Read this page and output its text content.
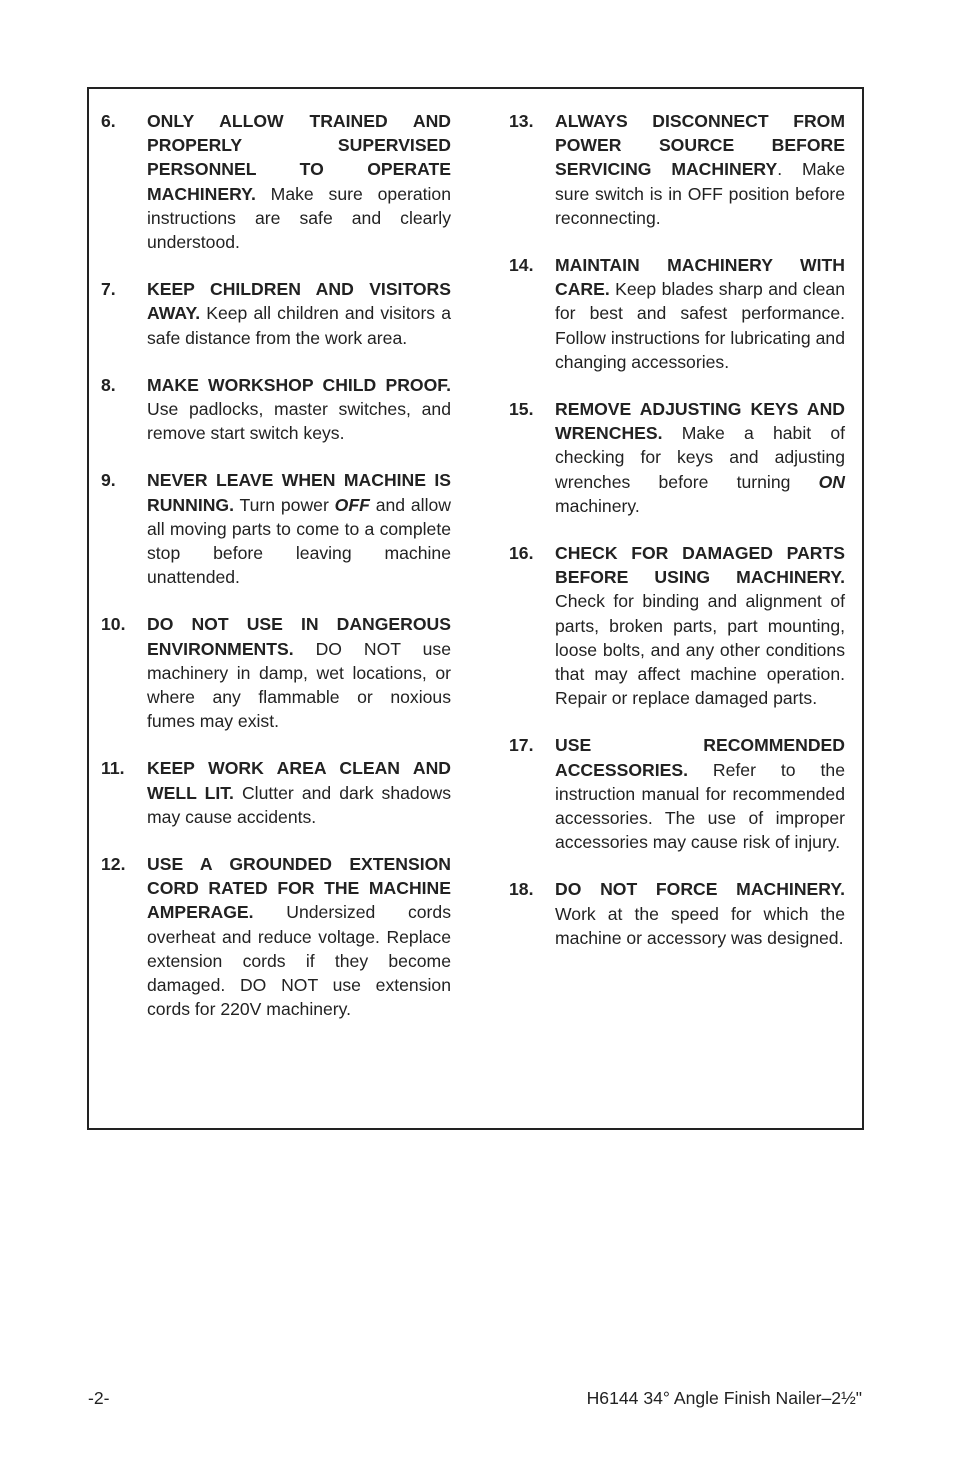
6. ONLY ALLOW TRAINED AND PROPERLY SUPERVISED PERSONNEL TO OPERATE MACHINERY. Make sure operation instructions are safe and clearly understood.
7. KEEP CHILDREN AND VISITORS AWAY. Keep all children and visitors a safe distance from the work area.
8. MAKE WORKSHOP CHILD PROOF. Use padlocks, master switches, and remove start switch keys.
9. NEVER LEAVE WHEN MACHINE IS RUNNING. Turn power OFF and allow all moving parts to come to a complete stop before leaving machine unattended.
10. DO NOT USE IN DANGEROUS ENVIRONMENTS. DO NOT use machinery in damp, wet locations, or where any flammable or noxious fumes may exist.
11. KEEP WORK AREA CLEAN AND WELL LIT. Clutter and dark shadows may cause accidents.
12. USE A GROUNDED EXTENSION CORD RATED FOR THE MACHINE AMPERAGE. Undersized cords overheat and reduce voltage. Replace extension cords if they become damaged. DO NOT use extension cords for 220V machinery.
13. ALWAYS DISCONNECT FROM POWER SOURCE BEFORE SERVICING MACHINERY. Make sure switch is in OFF position before reconnecting.
14. MAINTAIN MACHINERY WITH CARE. Keep blades sharp and clean for best and safest performance. Follow instructions for lubricating and changing accessories.
15. REMOVE ADJUSTING KEYS AND WRENCHES. Make a habit of checking for keys and adjusting wrenches before turning ON machinery.
16. CHECK FOR DAMAGED PARTS BEFORE USING MACHINERY. Check for binding and alignment of parts, broken parts, part mounting, loose bolts, and any other conditions that may affect machine operation. Repair or replace damaged parts.
17. USE RECOMMENDED ACCESSORIES. Refer to the instruction manual for recommended accessories. The use of improper accessories may cause risk of injury.
18. DO NOT FORCE MACHINERY. Work at the speed for which the machine or accessory was designed.
-2-	H6144 34° Angle Finish Nailer–2½"
